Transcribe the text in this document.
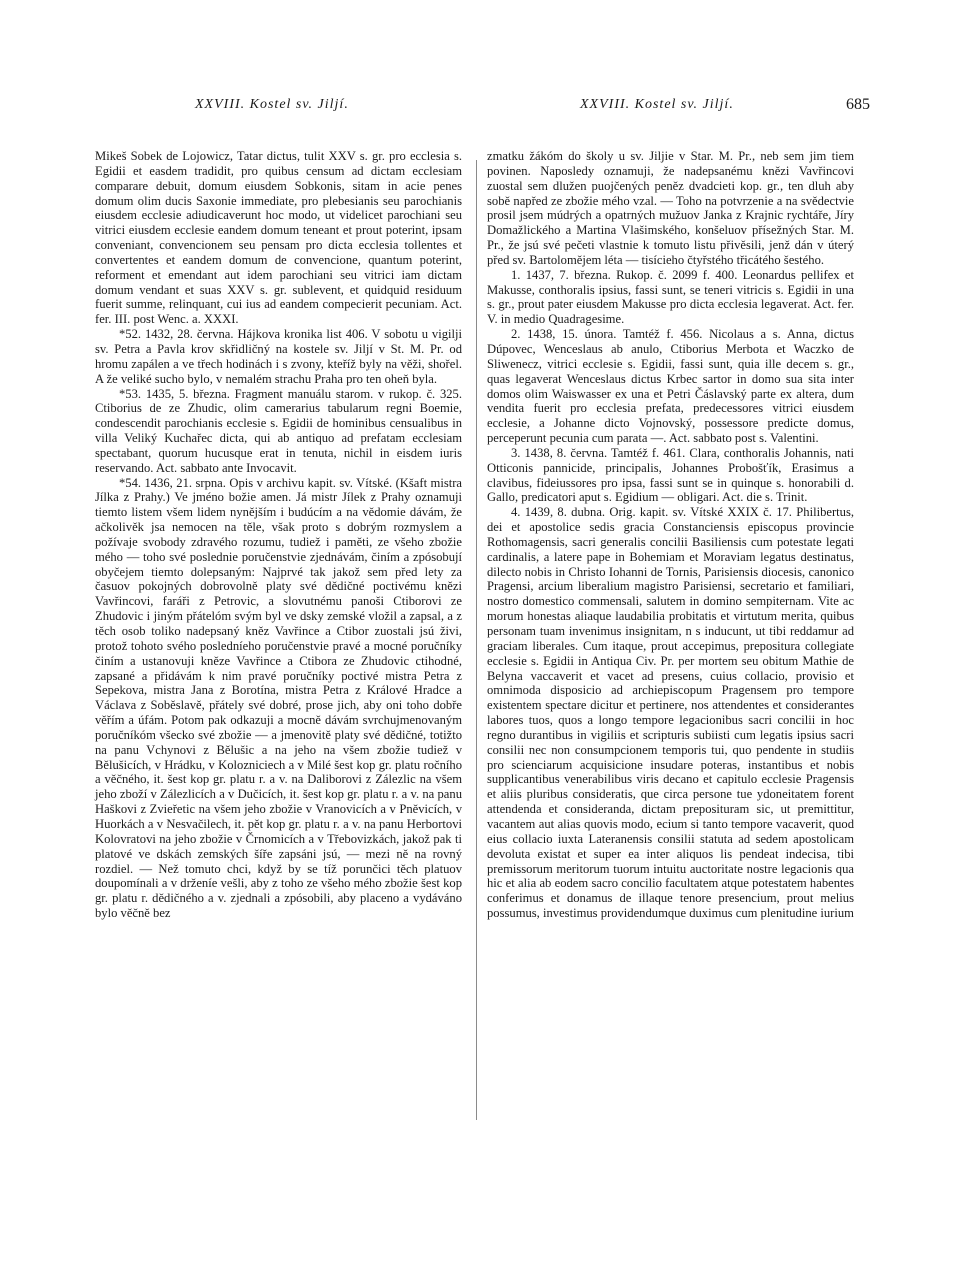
XXVIII. Kostel sv. Jiljí.	XXVIII. Kostel sv. Jiljí.	685

Mikeš Sobek de Lojowicz, Tatar dictus, tulit XXV s. gr. pro ecclesia s. Egidii et easdem tradidit, pro quibus censum ad dictam ecclesiam comparare debuit, domum eiusdem Sobkonis, sitam in acie penes domum olim ducis Saxonie immediate, pro plebesianis seu parochianis eiusdem ecclesie adiudicaverunt hoc modo, ut videlicet parochiani seu vitrici eiusdem ecclesie eandem domum teneant et prout poterint, ipsam conveniant, convencionem seu pensam pro dicta ecclesia tollentes et convertentes et eandem domum de convencione, quantum poterint, reforment et emendant aut idem parochiani seu vitrici iam dictam domum vendant et suas XXV s. gr. sublevent, et quidquid residuum fuerit summe, relinquant, cui ius ad eandem compecierit pecuniam. Act. fer. III. post Wenc. a. XXXI.

*52. 1432, 28. června. Hájkova kronika list 406. V sobotu u vigilji sv. Petra a Pavla krov skřidličný na kostele sv. Jiljí v St. M. Pr. od hromu zapálen a ve třech hodinách i s zvony, kteříž byly na věži, shořel. A že veliké sucho bylo, v nemalém strachu Praha pro ten oheň byla.

*53. 1435, 5. března. Fragment manuálu starom. v rukop. č. 325. Ctiborius de ze Zhudic, olim camerarius tabularum regni Boemie, condescendit parochianis ecclesie s. Egidii de hominibus censualibus in villa Veliký Kuchařec dicta, qui ab antiquo ad prefatam ecclesiam spectabant, quorum hucusque erat in tenuta, nichil in eisdem iuris reservando. Act. sabbato ante Invocavit.

*54. 1436, 21. srpna. Opis v archivu kapit. sv. Vítské. (Kšaft mistra Jílka z Prahy.) Ve jméno božie amen. Já mistr Jílek z Prahy oznamuji tiemto listem všem lidem nynějším i budúcím a na vědomie dávám, že ačkolivěk jsa nemocen na těle, však proto s dobrým rozmyslem a požívaje svobody zdravého rozumu, tudiež i paměti, ze všeho zbožie mého — toho své poslednie poručenstvie zjednávám, činím a zpósobují obyčejem tiemto dolepsaným: Najprvé tak jakož sem před lety za časuov pokojných dobrovolně platy své dědičné poctivému knězi Vavřincovi, faráři z Petrovic, a slovutnému panoši Ctiborovi ze Zhudovic i jiným přátelóm svým byl ve dsky zemské vložil a zapsal, a z těch osob toliko nadepsaný kněz Vavřince a Ctibor zuostali jsú živi, protož tohoto svého posledníeho poručenstvie pravé a mocné poručníky činím a ustanovuji kněze Vavřince a Ctibora ze Zhudovic ctihodné, zapsané a přidávám k nim pravé poručníky poctivé mistra Petra z Sepekova, mistra Jana z Borotína, mistra Petra z Králové Hradce a Václava z Soběslavě, přátely své dobré, prose jich, aby oni toho dobře věřím a úfám. Potom pak odkazuji a mocně dávám svrchujmenovaným poručníkóm všecko své zbožie — a jmenovitě platy své dědičné, totižto na panu Vchynovi z Bělušic a na jeho na všem zbožie tudiež v Bělušicích, v Hrádku, v Kolozniciech a v Milé šest kop gr. platu ročního a věčného, it. šest kop gr. platu r. a v. na Daliborovi z Zálezlic na všem jeho zboží v Zálezlicích a v Dučicích, it. šest kop gr. platu r. a v. na panu Haškovi z Zvieřetic na všem jeho zbožie v Vranovicích a v Pněvicích, v Huorkách a v Nesvačilech, it. pět kop gr. platu r. a v. na panu Herbortovi Kolovratovi na jeho zbožie v Črnomicích a v Třebovizkách, jakož pak ti platové ve dskách zemských šíře zapsáni jsú, — mezi ně na rovný rozdiel. — Než tomuto chci, když by se tíž porunčici těch platuov doupomínali a v drženíe vešli, aby z toho ze všeho méhо zbožie šest kop gr. platu r. dědičného a v. zjednali a zpósobili, aby placeno a vydáváno bylo věčně bez

zmatku žákóm do školy u sv. Jiljie v Star. M. Pr., neb sem jim tiem povinen. Naposledy oznamuji, že nadepsanému knězi Vavřincovi zuostal sem dlužen puojčených peněz dvadcieti kop. gr., ten dluh aby sobě napřed ze zbožie mého vzal. — Toho na potvrzenie a na svědectvie prosil jsem múdrých a opatrných mužuov Janka z Krajnic rychtáře, Jíry Domažlického a Martina Vlašimského, konšeluov přísežných Star. M. Pr., že jsú své pečeti vlastnie k tomuto listu přivěsili, jenž dán v úterý před sv. Bartolomějem léta — tisícieho čtyřstého třicátého šestého.

1. 1437, 7. března. Rukop. č. 2099 f. 400. Leonardus pellifex et Makusse, conthoralis ipsius, fassi sunt, se teneri vitricis s. Egidii in una s. gr., prout pater eiusdem Makusse pro dicta ecclesia legaverat. Act. fer. V. in medio Quadragesime.

2. 1438, 15. února. Tamtéž f. 456. Nicolaus a s. Anna, dictus Dúpovec, Wenceslaus ab anulo, Ctiborius Merbota et Waczko de Sliwenecz, vitrici ecclesie s. Egidii, fassi sunt, quia ille decem s. gr., quas legaverat Wenceslaus dictus Krbec sartor in domo sua sita inter domos olim Waiswasser ex una et Petri Čáslavský parte ex altera, dum vendita fuerit pro ecclesia prefata, predecessores vitrici eiusdem ecclesie, a Johanne dicto Vojnovský, possessore predicte domus, perceperunt pecunia cum parata —. Act. sabbato post s. Valentini.

3. 1438, 8. června. Tamtéž f. 461. Clara, conthoralis Johannis, nati Otticonis pannicide, principalis, Johannes Probošťík, Erasimus a clavibus, fideiussores pro ipsa, fassi sunt se in quinque s. honorabili d. Gallo, predicatori aput s. Egidium — obligari. Act. die s. Trinit.

4. 1439, 8. dubna. Orig. kapit. sv. Vítské XXIX č. 17. Philibertus, dei et apostolice sedis gracia Constanciensis episcopus provincie Rothomagensis, sacri generalis concilii Basiliensis cum potestate legati cardinalis, a latere pape in Bohemiam et Moraviam legatus destinatus, dilecto nobis in Christo Iohanni de Tornis, Parisiensis diocesis, canonico Pragensi, arcium liberalium magistro Parisiensi, secretario et familiari, nostro domestico commensali, salutem in domino sempiternam. Vite ac morum honestas aliaque laudabilia probitatis et virtutum merita, quibus personam tuam invenimus insignitam, n s inducunt, ut tibi reddamur ad graciam liberales. Cum itaque, prout accepimus, prepositura collegiate ecclesie s. Egidii in Antiqua Civ. Pr. per mortem seu obitum Mathie de Belyna vaccaverit et vacet ad presens, cuius collacio, provisio et omnimoda disposicio ad archiepiscopum Pragensem pro tempore existentem spectare dicitur et pertinere, nos attendentes et considerantes labores tuos, quos a longo tempore legacionibus sacri concilii in hoc regno durantibus in vigiliis et scripturis subiisti cum legatis ipsius sacri consilii nec non consumpcionem temporis tui, quo pendente in studiis pro scienciarum acquisicione insudare poteras, instantibus et nobis supplicantibus venerabilibus viris decano et capitulo ecclesie Pragensis et aliis pluribus consideratis, que circa persone tue ydoneitatem forent attendenda et consideranda, dictam preposituram sic, ut premittitur, vacantem aut alias quovis modo, ecium si tanto tempore vacaverit, quod eius collacio iuxta Lateranensis consilii statuta ad sedem apostolicam devoluta existat et super ea inter aliquos lis pendeat indecisa, tibi premissorum meritorum tuorum intuitu auctoritate nostre legacionis qua hic et alia ab eodem sacro concilio facultatem atque potestatem habentes conferimus et donamus de illaque tenore presencium, prout melius possumus, investimus providendumque duximus cum plenitudine iurium
